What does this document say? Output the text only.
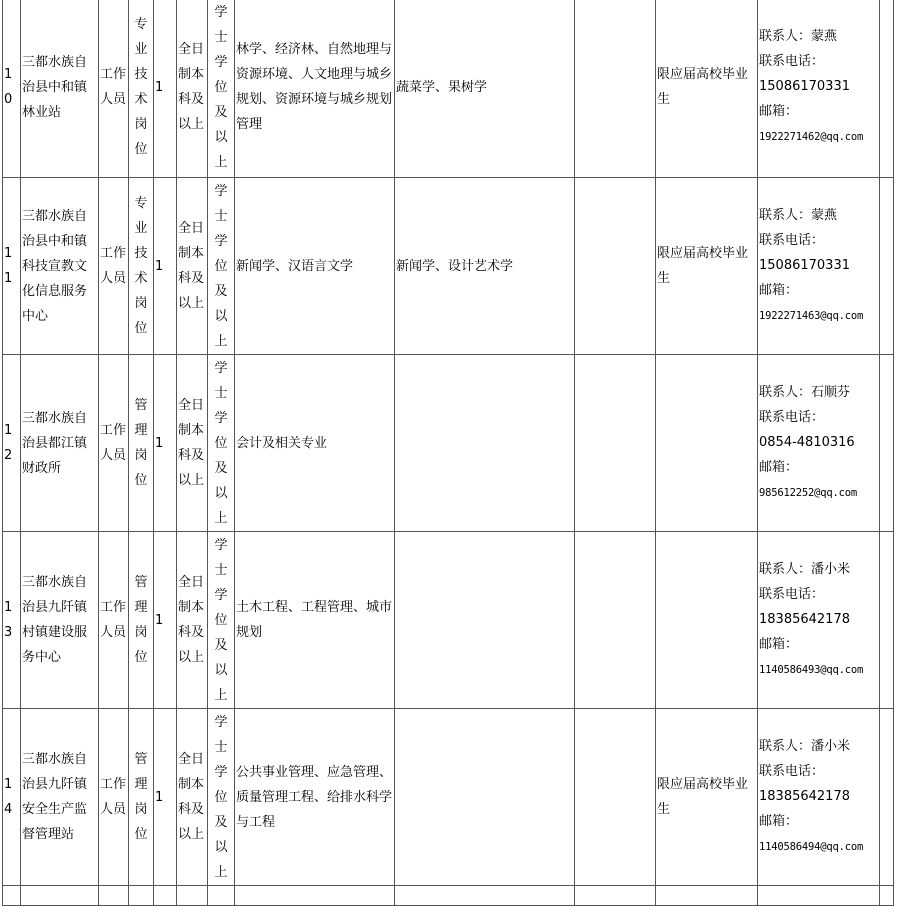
10	三都水族自治县中和镇林业站	工作人员	专业技术岗位	1	全日制本科及以上	学士学位及以上	林学、经济林、自然地理与资源环境、人文地理与城乡规划、资源环境与城乡规划管理	蔬菜学、果树学		限应届高校毕业生	联系人：蒙燕
联系电话：
15086170331
邮箱：
1922271462@qq.com	
11	三都水族自治县中和镇科技宣教文化信息服务中心	工作人员	专业技术岗位	1	全日制本科及以上	学士学位及以上	新闻学、汉语言文学	新闻学、设计艺术学		限应届高校毕业生	联系人：蒙燕
联系电话：
15086170331
邮箱：
1922271463@qq.com	
12	三都水族自治县都江镇财政所	工作人员	管理岗位	1	全日制本科及以上	学士学位及以上	会计及相关专业				联系人：石顺芬
联系电话：
0854-4810316
邮箱：
985612252@qq.com	
13	三都水族自治县九阡镇村镇建设服务中心	工作人员	管理岗位	1	全日制本科及以上	学士学位及以上	土木工程、工程管理、城市规划				联系人：潘小米
联系电话：
18385642178
邮箱：
1140586493@qq.com	
14	三都水族自治县九阡镇安全生产监督管理站	工作人员	管理岗位	1	全日制本科及以上	学士学位及以上	公共事业管理、应急管理、质量管理工程、给排水科学与工程			限应届高校毕业生	联系人：潘小米
联系电话：
18385642178
邮箱：
1140586494@qq.com	
